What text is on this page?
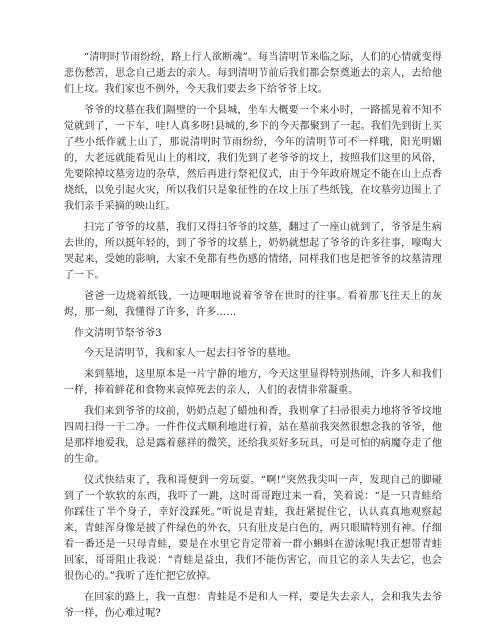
“清明时节雨纷纷，路上行人欲断魂”。每当清明节来临之际，人们的心情就变得悲伤愁苦，思念自己逝去的亲人。每到清明节前后我们都会祭奠逝去的亲人，去给他们上坟。我们家也不例外，今天我们要去乡下给爷爷上坟。

爷爷的坟墓在我们隔壁的一个县城，坐车大概要一个来小时，一路摇晃着不知不觉就到了，一下车，哇!人真多呀!县城的,乡下的今天都聚到了一起。我们先到街上买了些小纸作就上山了，那说清明时节雨纷纷，今年的清明节可不一样哦，阳光明媚的，大老远就能看见山上的相坟，我们先到了老爷爷的坟上，按照我们这里的风俗，先要除掉坟墓旁边的杂草，然后再进行祭祀仪式，由于今年政府规定不能在山上点香烧纸，以免引起火灾，所以我们只是象征性的在坟上压了些纸钱，在坟墓旁边围上了我们亲手采摘的映山红。

扫完了爷爷的坟墓，我们又得扫爷爷的坟墓，翻过了一座山就到了，爷爷是生病去世的，所以挺年轻的，到了爷爷的坟墓上，奶奶就想起了爷爷的许多往事，嚎啕大哭起来，受她的影响，大家不免都有些伤感的情绪，同样我们也是把爷爷的坟墓清理了一下。

爸爸一边烧着纸钱，一边哽咽地说着爷爷在世时的往事。看着那飞往天上的灰烬，那一刻，我懂得了许多，许多......

作文清明节祭爷爷3

今天是清明节，我和家人一起去扫爷爷的墓地。

来到墓地，这里原本是一片宁静的地方，今天这里显得特别热闹，许多人和我们一样，捧着鲜花和食物来哀悼死去的亲人，人们的表情非常凝重。

我们来到爷爷的坟前，奶奶点起了蜡烛和香，我则拿了扫帚很卖力地将爷爷坟地四周扫得一干二净。一件件仪式顺利地进行着，站在墓前我突然很想念我的爷爷，他是那样地爱我，总是露着慈祥的微笑，还给我买好多玩具，可是可怕的病魔夺走了他的生命。

仪式快结束了，我和哥便到一旁玩耍。“啊!”突然我尖叫一声，发现自己的脚碰到了一个软软的东西，我吓了一跳，这时哥哥跑过来一看，笑着说：“是一只青蛙给你踩住了半个身子，幸好没踩死。”听说是青蛙，我赶紧捉住它，认认真真地观察起来，青蛙浑身像是披了件绿色的外衣，只有肚皮是白色的，两只眼睛特别有神。仔细看一番还是一只母青蛙，要是在水里它肯定带着一群小蝌蚪在游泳呢!我正想带青蛙回家，哥哥阻止我说：“青蛙是益虫，我们不能伤害它，而且它的亲人失去它，也会很伤心的。”我听了连忙把它放掉。

在回家的路上，我一直想：青蛙是不是和人一样，要是失去亲人，会和我失去爷爷一样，伤心难过呢?
